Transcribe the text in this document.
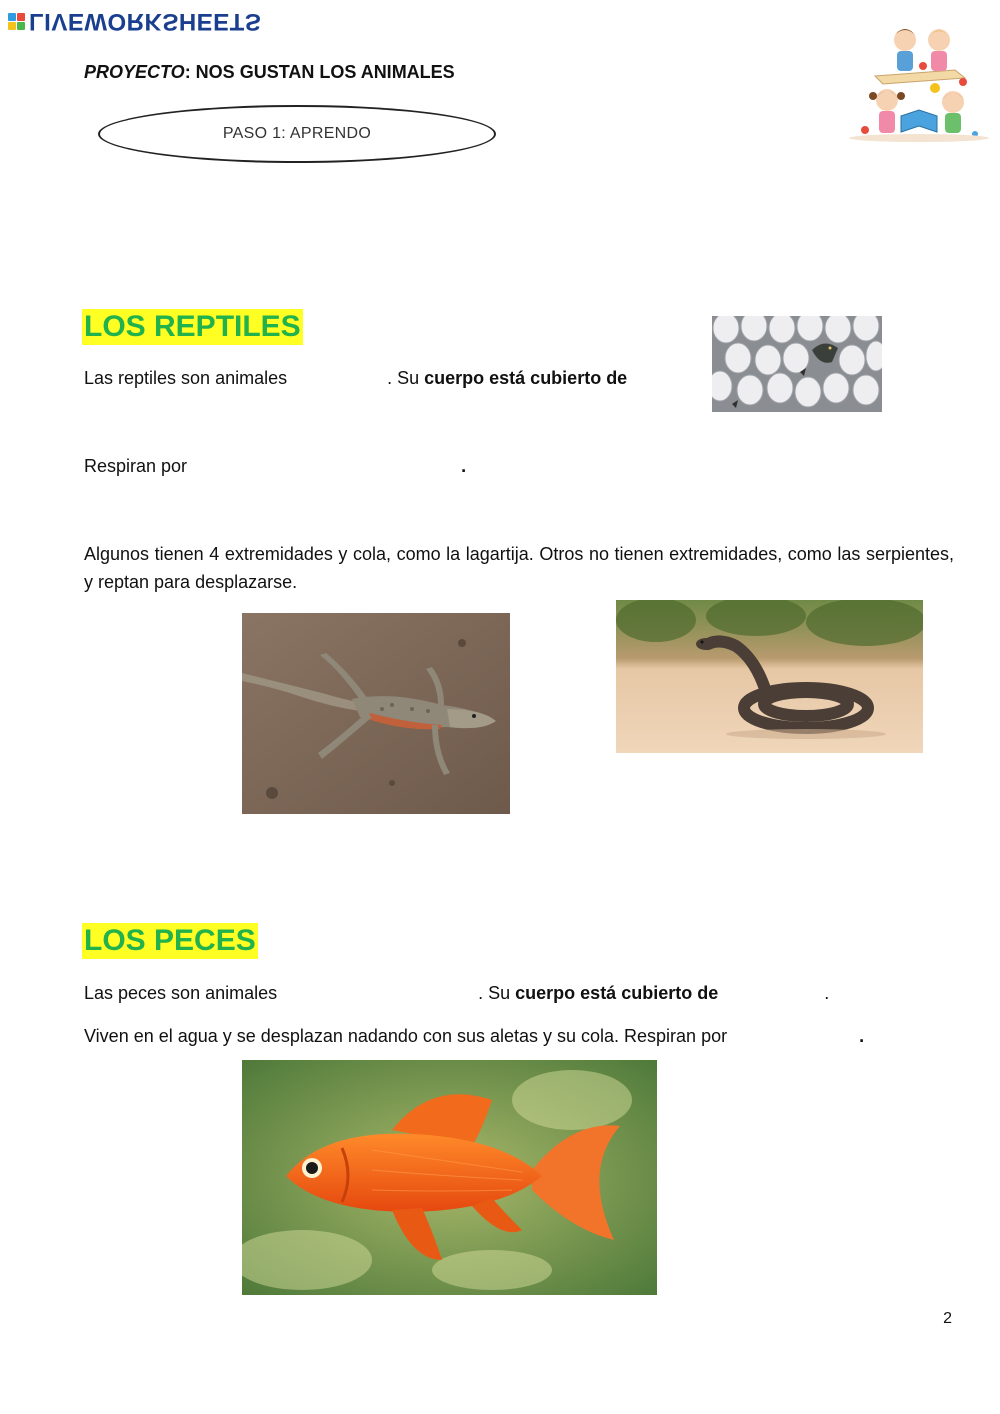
LIVEWORKSHEETS
PROYECTO: NOS GUSTAN LOS ANIMALES
PASO 1: APRENDO
LOS REPTILES
Las reptiles son animales	. Su cuerpo está cubierto de
Respiran por	.
Algunos tienen 4 extremidades y cola, como la lagartija. Otros no tienen extremidades, como las serpientes, y reptan para desplazarse.
LOS PECES
Las peces son animales	. Su cuerpo está cubierto de	.
Viven en el agua y se desplazan nadando con sus aletas y su cola. Respiran por	.
2
